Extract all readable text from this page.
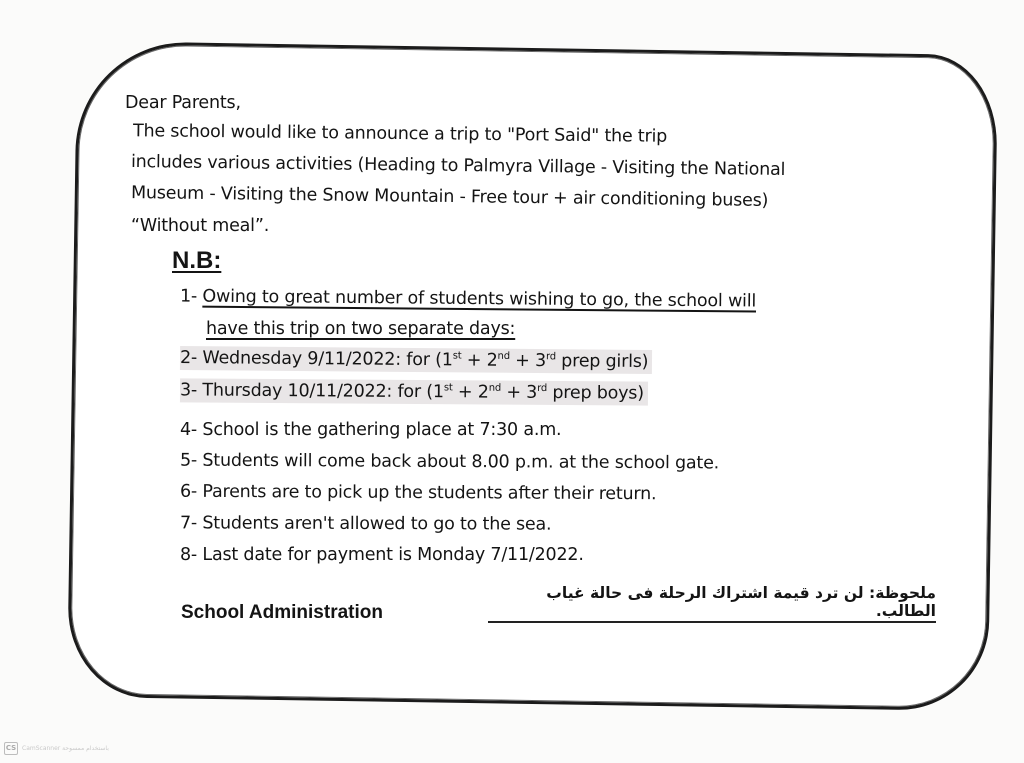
Dear Parents,
The school would like to announce a trip to "Port Said" the trip
includes various activities (Heading to Palmyra Village - Visiting the National
Museum - Visiting the Snow Mountain - Free tour + air conditioning buses)
“Without meal”.
N.B:
1- Owing to great number of students wishing to go, the school will
have this trip on two separate days:
2- Wednesday 9/11/2022: for (1st + 2nd + 3rd prep girls)
3- Thursday 10/11/2022: for (1st + 2nd + 3rd prep boys)
4- School is the gathering place at 7:30 a.m.
5- Students will come back about 8.00 p.m. at the school gate.
6- Parents are to pick up the students after their return.
7- Students aren't allowed to go to the sea.
8- Last date for payment is Monday 7/11/2022.
ملحوظة: لن ترد قيمة اشتراك الرحلة فى حالة غياب الطالب.
School Administration
CS CamScanner باستخدام ممسوحة
